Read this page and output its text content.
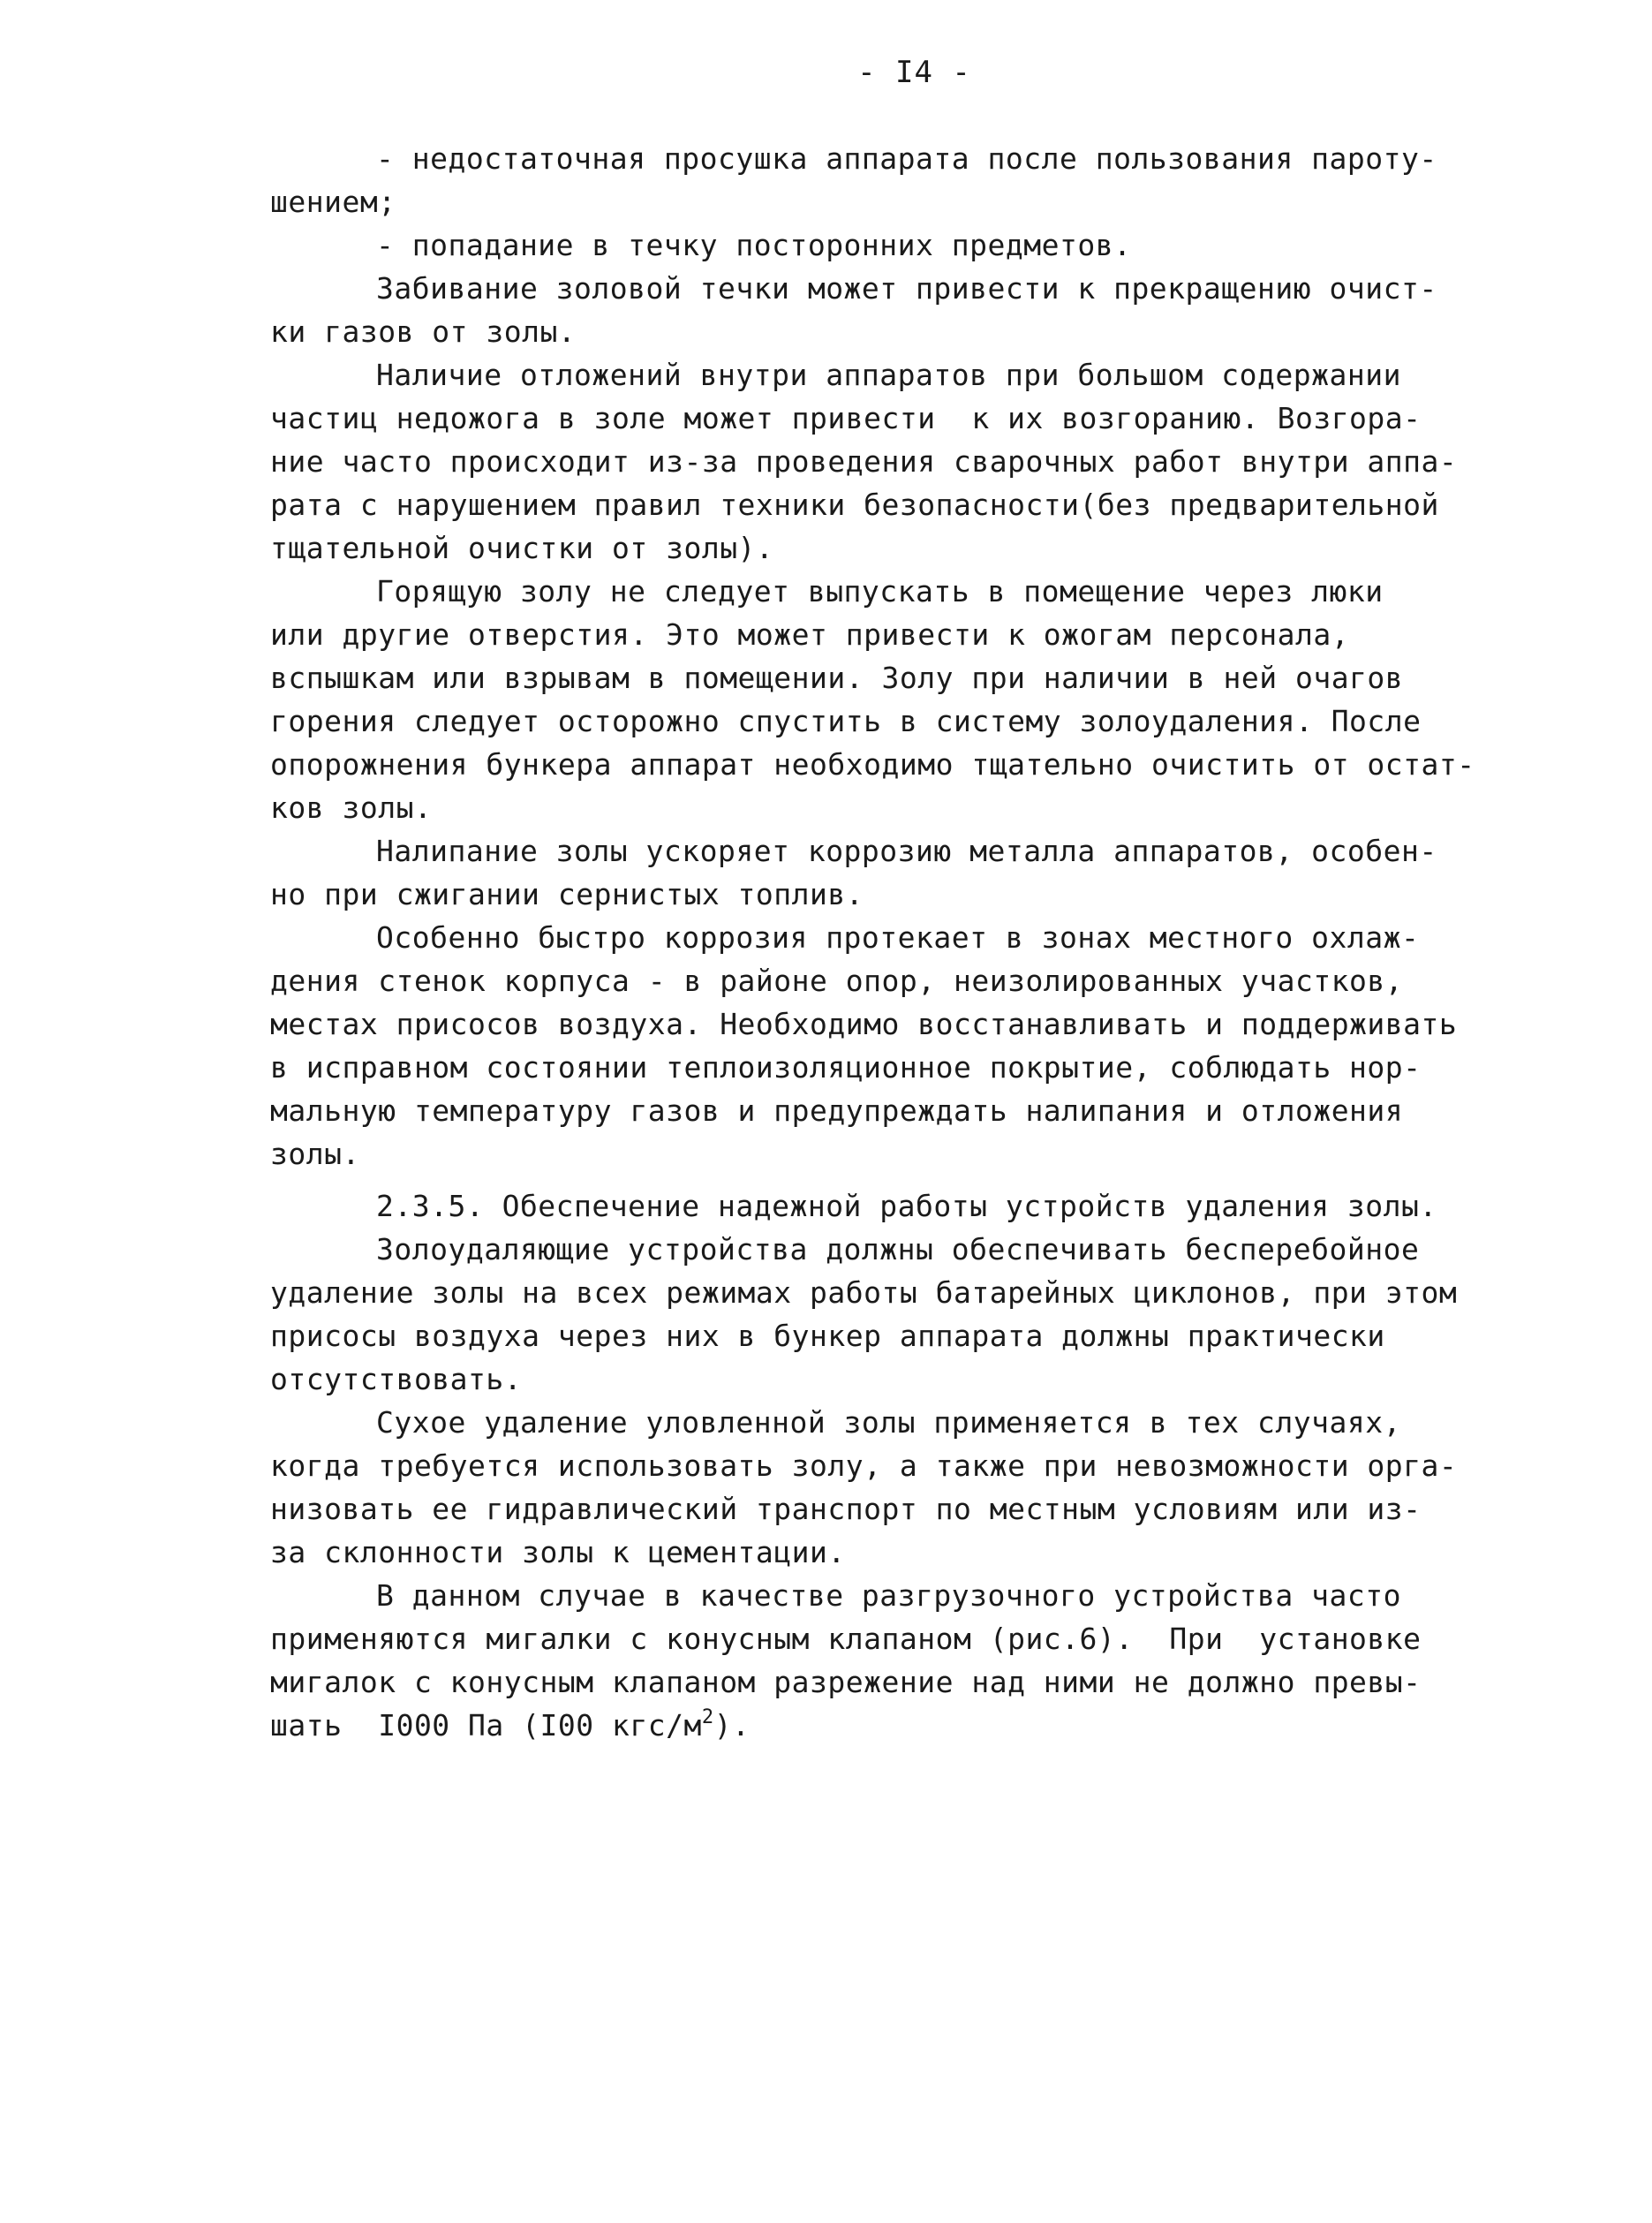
- I4 -
- недостаточная просушка аппарата после пользования пароту-
шением;
- попадание в течку посторонних предметов.
Забивание золовой течки может привести к прекращению очист-
ки газов от золы.
Наличие отложений внутри аппаратов при большом содержании
частиц недожога в золе может привести  к их возгоранию. Возгора-
ние часто происходит из-за проведения сварочных работ внутри аппа-
рата с нарушением правил техники безопасности(без предварительной
тщательной очистки от золы).
Горящую золу не следует выпускать в помещение через люки
или другие отверстия. Это может привести к ожогам персонала,
вспышкам или взрывам в помещении. Золу при наличии в ней очагов
горения следует осторожно спустить в систему золоудаления. После
опорожнения бункера аппарат необходимо тщательно очистить от остат-
ков золы.
Налипание золы ускоряет коррозию металла аппаратов, особен-
но при сжигании сернистых топлив.
Особенно быстро коррозия протекает в зонах местного охлаж-
дения стенок корпуса - в районе опор, неизолированных участков,
местах присосов воздуха. Необходимо восстанавливать и поддерживать
в исправном состоянии теплоизоляционное покрытие, соблюдать нор-
мальную температуру газов и предупреждать налипания и отложения
золы.
2.3.5. Обеспечение надежной работы устройств удаления золы.
Золоудаляющие устройства должны обеспечивать бесперебойное
удаление золы на всех режимах работы батарейных циклонов, при этом
присосы воздуха через них в бункер аппарата должны практически
отсутствовать.
Сухое удаление уловленной золы применяется в тех случаях,
когда требуется использовать золу, а также при невозможности орга-
низовать ее гидравлический транспорт по местным условиям или из-
за склонности золы к цементации.
В данном случае в качестве разгрузочного устройства часто
применяются мигалки с конусным клапаном (рис.6).  При  установке
мигалок с конусным клапаном разрежение над ними не должно превы-
шать  I000 Па (I00 кгс/$м^2$).
